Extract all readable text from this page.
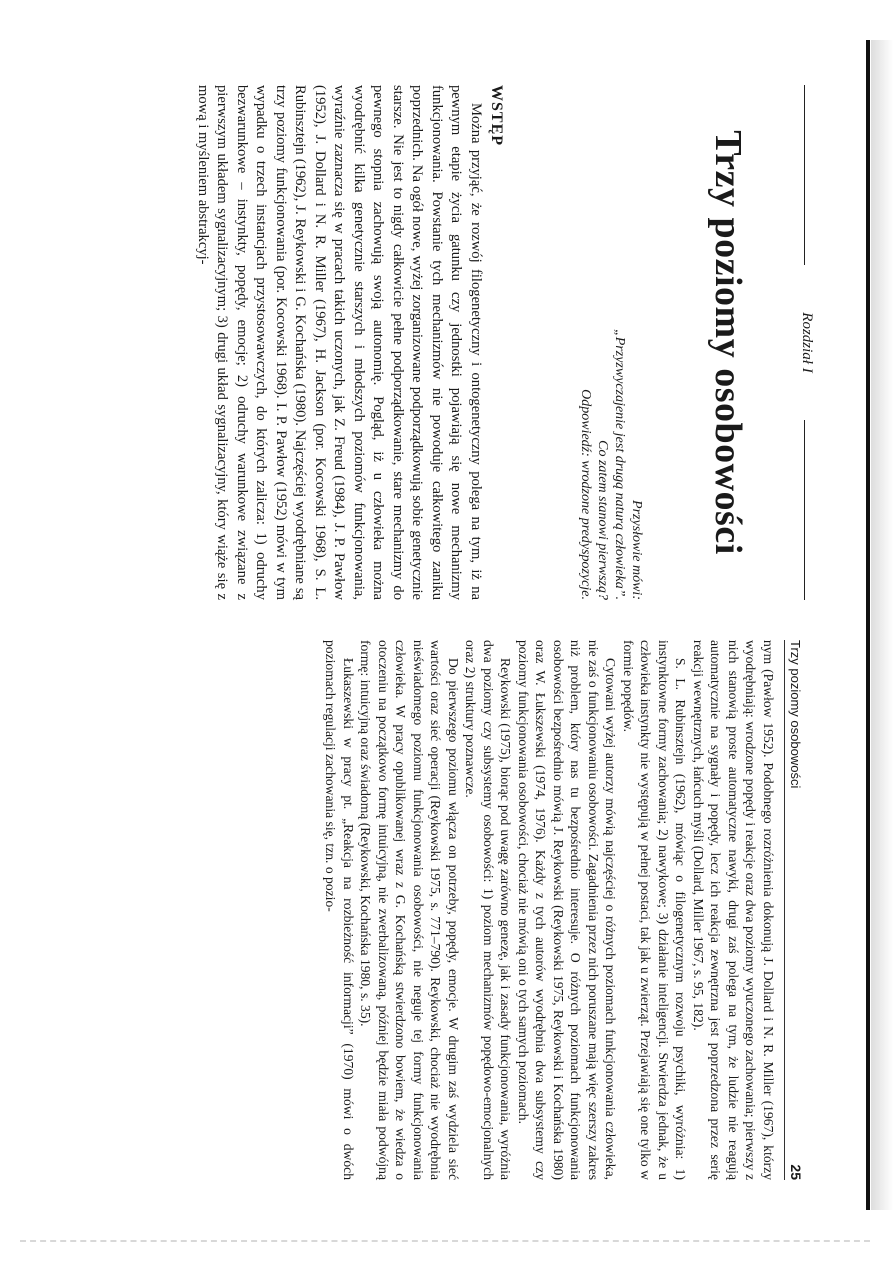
Rozdział I
Trzy poziomy osobowości
Przysłowie mówi:
„Przyzwyczajenie jest drugą naturą człowieka”.
Co zatem stanowi pierwszą?
Odpowiedź: wrodzone predyspozycje.
WSTĘP

Można przyjąć, że rozwój filogenetyczny i ontogenetyczny polega na tym, iż na pewnym etapie życia gatunku czy jednostki pojawiają się nowe mechanizmy funkcjonowania. Powstanie tych mechanizmów nie powoduje całkowitego zaniku poprzednich. Na ogół nowe, wyżej zorganizowane podporządkowują sobie genetycznie starsze. Nie jest to nigdy całkowicie pełne podporządkowanie, stare mechanizmy do pewnego stopnia zachowują swoją autonomię. Pogląd, iż u człowieka można wyodrębnić kilka genetycznie starszych i młodszych poziomów funkcjonowania, wyraźnie zaznacza się w pracach takich uczonych, jak Z. Freud (1984), J. P. Pawłow (1952), J. Dollard i N. R. Miller (1967), H. Jackson (por. Kocowski 1968), S. L. Rubinsztejn (1962), J. Reykowski i G. Kochańska (1980). Najczęściej wyodrębniane są trzy poziomy funkcjonowania (por. Kocowski 1968). I. P. Pawłow (1952) mówi w tym wypadku o trzech instancjach przystosowawczych, do których zalicza: 1) odruchy bezwarunkowe – instynkty, popędy, emocje; 2) odruchy warunkowe związane z pierwszym układem sygnalizacyjnym; 3) drugi układ sygnalizacyjny, który wiąże się z mową i myśleniem abstrakcyj-

Trzy poziomy osobowości
25

nym (Pawłow 1952). Podobnego rozróżnienia dokonują J. Dollard i N. R. Miller (1967), którzy wyodrębniają: wrodzone popędy i reakcje oraz dwa poziomy wyuczonego zachowania; pierwszy z nich stanowią proste automatyczne nawyki, drugi zaś polega na tym, że ludzie nie reagują automatycznie na sygnały i popędy, lecz ich reakcja zewnętrzna jest poprzedzona przez serię reakcji wewnętrznych, łańcuch myśli (Dollard, Miller 1967, s. 95, 182).

S. L. Rubinsztejn (1962), mówiąc o filogenetycznym rozwoju psychiki, wyróżnia: 1) instynktowne formy zachowania; 2) nawykowe; 3) działanie inteligencji. Stwierdza jednak, że u człowieka instynkty nie występują w pełnej postaci, tak jak u zwierząt. Przejawiają się one tylko w formie popędów.

Cytowani wyżej autorzy mówią najczęściej o różnych poziomach funkcjonowania człowieka, nie zaś o funkcjonowaniu osobowości. Zagadnienia przez nich poruszane mają więc szerszy zakres niż problem, który nas tu bezpośrednio interesuje. O różnych poziomach funkcjonowania osobowości bezpośrednio mówią J. Reykowski (Reykowski 1975, Reykowski i Kochańska 1980) oraz W. Łukszewski (1974, 1976). Każdy z tych autorów wyodrębnia dwa subsystemy czy poziomy funkcjonowania osobowości, chociaż nie mówią oni o tych samych poziomach.

Reykowski (1975), biorąc pod uwagę zarówno genezę, jak i zasady funkcjonowania, wyróżnia dwa poziomy czy subsystemy osobowości: 1) poziom mechanizmów popędowo-emocjonalnych oraz 2) struktury poznawcze.

Do pierwszego poziomu włącza on potrzeby, popędy, emocje. W drugim zaś wydziela sieć wartości oraz sieć operacji (Reykowski 1975, s. 771–790). Reykowski, chociaż nie wyodrębnia nieświadomego poziomu funkcjonowania osobowości, nie neguje tej formy funkcjonowania człowieka. W pracy opublikowanej wraz z G. Kochańską stwierdzono bowiem, że wiedza o otoczeniu na początkowo formę intuicyjną, nie zwerbalizowaną, później będzie miała podwójną formę: intuicyjną oraz świadomą (Reykowski, Kochańska 1980, s. 35).

Łukaszewski w pracy pt. „Reakcja na rozbieżność informacji” (1970) mówi o dwóch poziomach regulacji zachowania się, tzn. o pozio-
